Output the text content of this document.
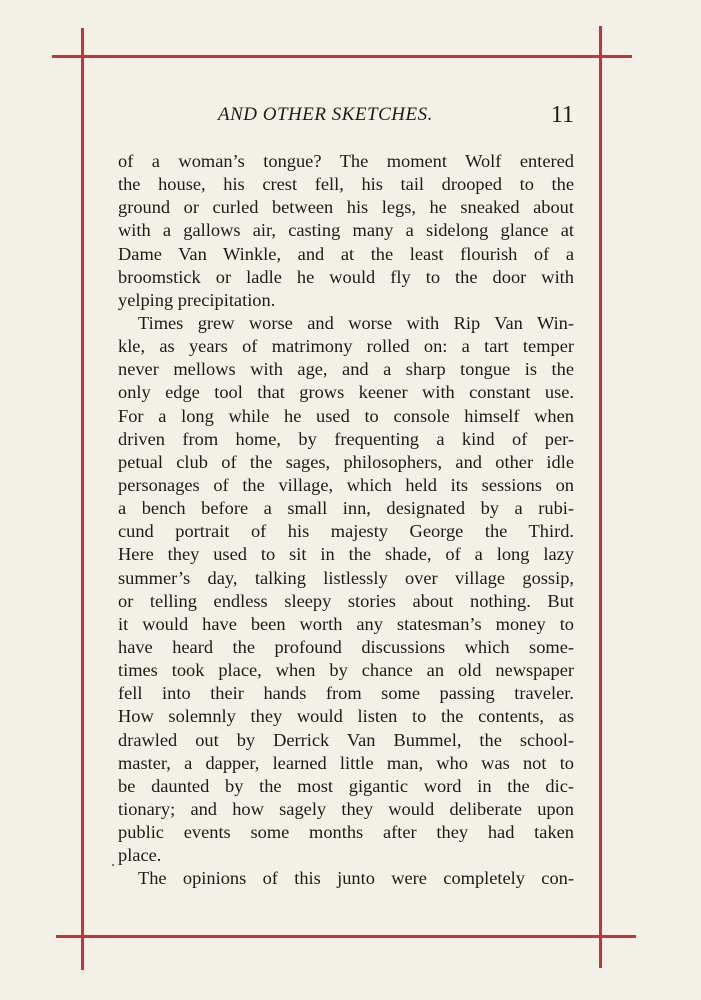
AND OTHER SKETCHES.	11
of a woman’s tongue? The moment Wolf entered
the house, his crest fell, his tail drooped to the
ground or curled between his legs, he sneaked about
with a gallows air, casting many a sidelong glance at
Dame Van Winkle, and at the least flourish of a
broomstick or ladle he would fly to the door with
yelping precipitation.
Times grew worse and worse with Rip Van Win-
kle, as years of matrimony rolled on: a tart temper
never mellows with age, and a sharp tongue is the
only edge tool that grows keener with constant use.
For a long while he used to console himself when
driven from home, by frequenting a kind of per-
petual club of the sages, philosophers, and other idle
personages of the village, which held its sessions on
a bench before a small inn, designated by a rubi-
cund portrait of his majesty George the Third.
Here they used to sit in the shade, of a long lazy
summer’s day, talking listlessly over village gossip,
or telling endless sleepy stories about nothing. But
it would have been worth any statesman’s money to
have heard the profound discussions which some-
times took place, when by chance an old newspaper
fell into their hands from some passing traveler.
How solemnly they would listen to the contents, as
drawled out by Derrick Van Bummel, the school-
master, a dapper, learned little man, who was not to
be daunted by the most gigantic word in the dic-
tionary; and how sagely they would deliberate upon
public events some months after they had taken
place.
The opinions of this junto were completely con-
